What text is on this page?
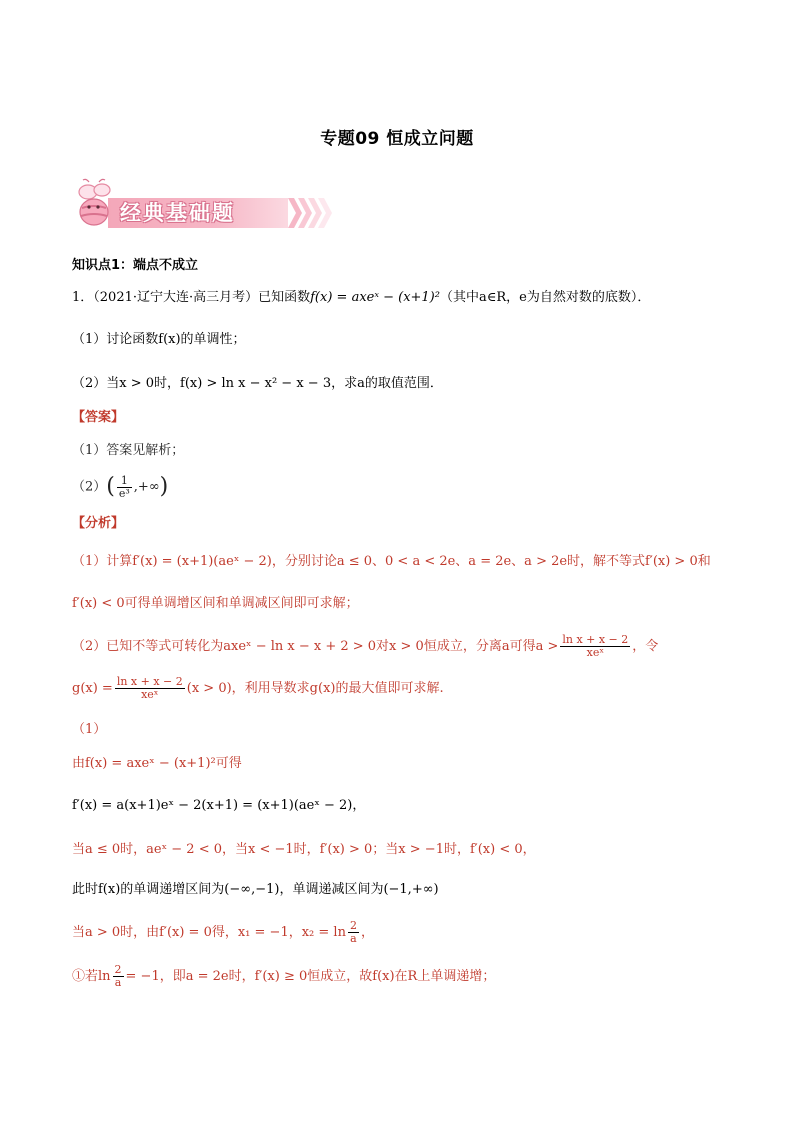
专题09 恒成立问题
经典基础题
知识点1：端点不成立
1．（2021·辽宁大连·高三月考）已知函数f(x) = axeˣ − (x+1)²（其中a∈R，e为自然对数的底数）．
（1）讨论函数f(x)的单调性；
（2）当x > 0时，f(x) > ln x − x² − x − 3，求a的取值范围．
【答案】
（1）答案见解析；
$(2)( \frac{1}{\text{e³}}$ ,+∞)
【分析】
（1）计算f′(x) = (x+1)(aeˣ − 2)，分别讨论a ≤ 0、0 < a < 2e、a = 2e、a > 2e时，解不等式f′(x) > 0和
f′(x) < 0可得单调增区间和单调减区间即可求解；
（2）已知不等式可转化为axeˣ − ln x − x + 2 > 0对x > 0恒成立，分离a可得$a > \frac{\text{ln x + x − 2}}{\text{xeˣ}}$ ，令
$g(x) = \frac{\text{ln x + x − 2}}{\text{xeˣ}} (x > 0)$，利用导数求g(x)的最大值即可求解.
（1）
由f(x) = axeˣ − (x+1)²可得
f′(x) = a(x+1)eˣ − 2(x+1) = (x+1)(aeˣ − 2)，
当a ≤ 0时，aeˣ − 2 < 0，当x < −1时，f′(x) > 0；当x > −1时，f′(x) < 0，
此时f(x)的单调递增区间为(−∞,−1)，单调递减区间为(−1,+∞)
当a > 0时，由f′(x) = 0得，x₁ = −1，$x_2 = \ln \frac{2}{a}$ ，
①若$\ln \frac{2}{a} = -1$，即a = 2e时，f′(x) ≥ 0恒成立，故f(x)在R上单调递增；
